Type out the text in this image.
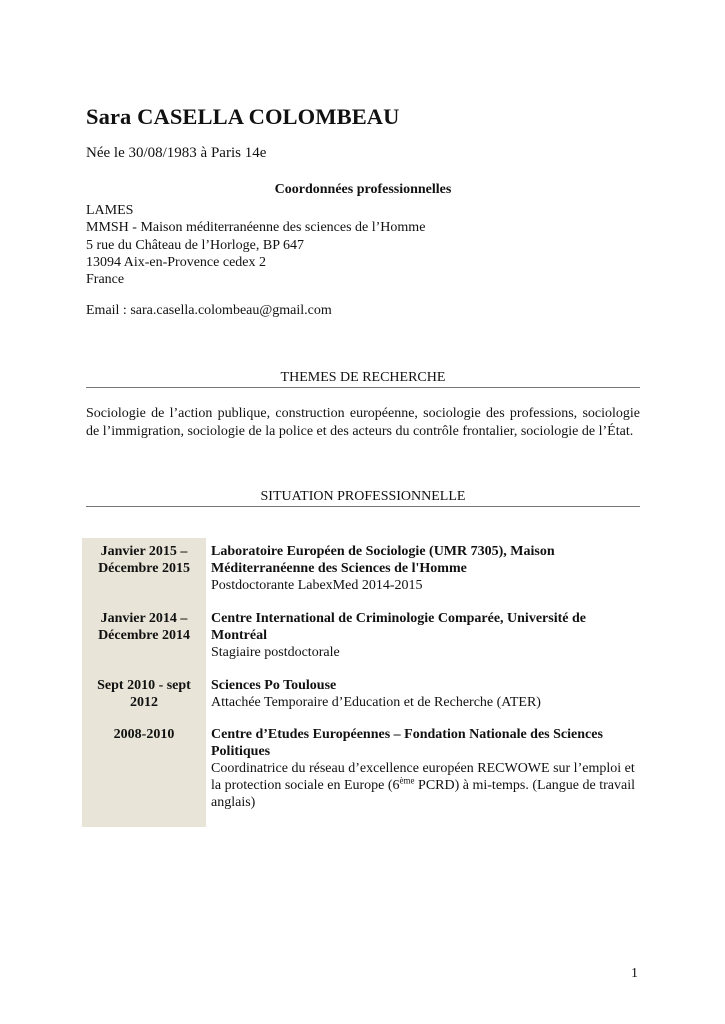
Sara CASELLA COLOMBEAU
Née le 30/08/1983 à Paris 14e
Coordonnées professionnelles
LAMES
MMSH - Maison méditerranéenne des sciences de l’Homme
5 rue du Château de l’Horloge, BP 647
13094 Aix-en-Provence cedex 2
France
Email : sara.casella.colombeau@gmail.com
THEMES DE RECHERCHE
Sociologie de l’action publique, construction européenne, sociologie des professions, sociologie de l’immigration, sociologie de la police et des acteurs du contrôle frontalier, sociologie de l’État.
SITUATION PROFESSIONNELLE
Janvier 2015 – Décembre 2015
Laboratoire Européen de Sociologie (UMR 7305), Maison Méditerranéenne des Sciences de l'Homme
Postdoctorante LabexMed 2014-2015
Janvier 2014 – Décembre 2014
Centre International de Criminologie Comparée, Université de Montréal
Stagiaire postdoctorale
Sept 2010 - sept 2012
Sciences Po Toulouse
Attachée Temporaire d’Education et de Recherche (ATER)
2008-2010	Centre d’Etudes Européennes – Fondation Nationale des Sciences Politiques
Coordinatrice du réseau d’excellence européen RECWOWE sur l’emploi et la protection sociale en Europe (6ème PCRD) à mi-temps. (Langue de travail anglais)
1
